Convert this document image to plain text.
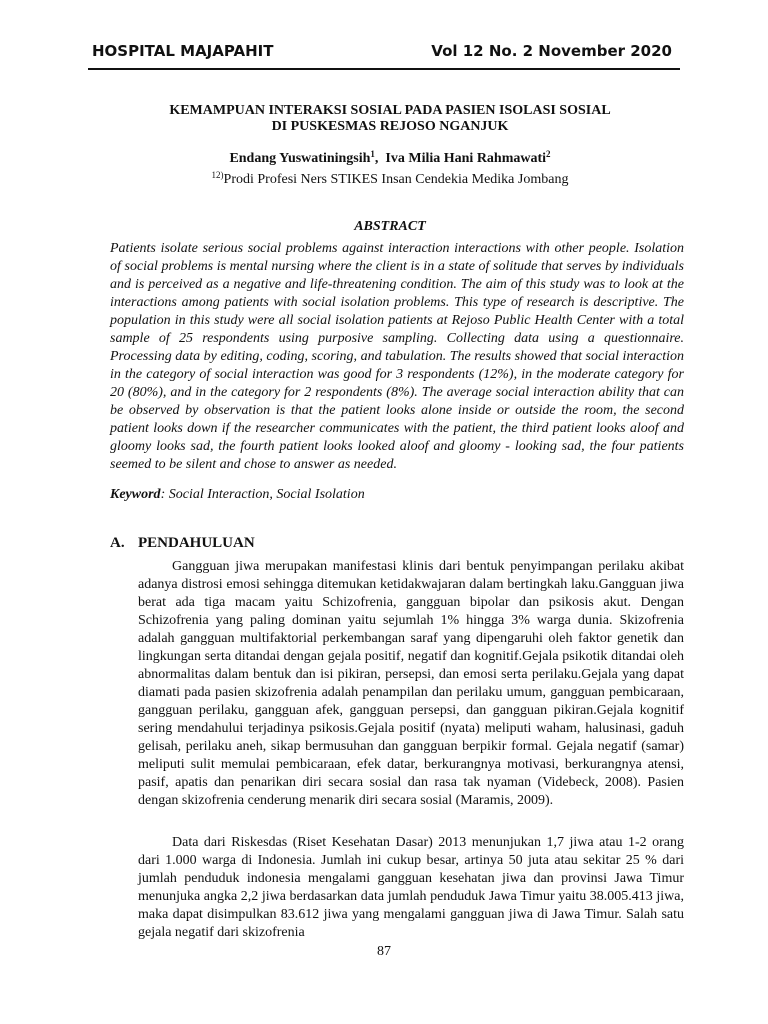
HOSPITAL MAJAPAHIT	Vol 12 No. 2 November 2020
KEMAMPUAN INTERAKSI SOSIAL PADA PASIEN ISOLASI SOSIAL
DI PUSKESMAS REJOSO NGANJUK
Endang Yuswatiningsih$^1$,  Iva Milia Hani Rahmawati$^2$
$^{12)}$Prodi Profesi Ners STIKES Insan Cendekia Medika Jombang
ABSTRACT

Patients isolate serious social problems against interaction interactions with other people. Isolation of social problems is mental nursing where the client is in a state of solitude that serves by individuals and is perceived as a negative and life-threatening condition. The aim of this study was to look at the interactions among patients with social isolation problems. This type of research is descriptive. The population in this study were all social isolation patients at Rejoso Public Health Center with a total sample of 25 respondents using purposive sampling. Collecting data using a questionnaire. Processing data by editing, coding, scoring, and tabulation. The results showed that social interaction in the category of social interaction was good for 3 respondents (12%), in the moderate category for 20 (80%), and in the category for 2 respondents (8%). The average social interaction ability that can be observed by observation is that the patient looks alone inside or outside the room, the second patient looks down if the researcher communicates with the patient, the third patient looks aloof and gloomy looks sad, the fourth patient looks looked aloof and gloomy - looking sad, the four patients seemed to be silent and chose to answer as needed.

Keyword: Social Interaction, Social Isolation
A. PENDAHULUAN

Gangguan jiwa merupakan manifestasi klinis dari bentuk penyimpangan perilaku akibat adanya distrosi emosi sehingga ditemukan ketidakwajaran dalam bertingkah laku.Gangguan jiwa berat ada tiga macam yaitu Schizofrenia, gangguan bipolar dan psikosis akut. Dengan Schizofrenia yang paling dominan yaitu sejumlah 1% hingga 3% warga dunia. Skizofrenia adalah gangguan multifaktorial perkembangan saraf yang dipengaruhi oleh faktor genetik dan lingkungan serta ditandai dengan gejala positif, negatif dan kognitif.Gejala psikotik ditandai oleh abnormalitas dalam bentuk dan isi pikiran, persepsi, dan emosi serta perilaku.Gejala yang dapat diamati pada pasien skizofrenia adalah penampilan dan perilaku umum, gangguan pembicaraan, gangguan perilaku, gangguan afek, gangguan persepsi, dan gangguan pikiran.Gejala kognitif sering mendahului terjadinya psikosis.Gejala positif (nyata) meliputi waham, halusinasi, gaduh gelisah, perilaku aneh, sikap bermusuhan dan gangguan berpikir formal. Gejala negatif (samar) meliputi sulit memulai pembicaraan, efek datar, berkurangnya motivasi, berkurangnya atensi, pasif, apatis dan penarikan diri secara sosial dan rasa tak nyaman (Videbeck, 2008). Pasien dengan skizofrenia cenderung menarik diri secara sosial (Maramis, 2009).

Data dari Riskesdas (Riset Kesehatan Dasar) 2013 menunjukan 1,7 jiwa atau 1-2 orang dari 1.000 warga di Indonesia. Jumlah ini cukup besar, artinya 50 juta atau sekitar 25 % dari jumlah penduduk indonesia mengalami gangguan kesehatan jiwa dan provinsi Jawa Timur menunjuka angka 2,2 jiwa berdasarkan data jumlah penduduk Jawa Timur yaitu 38.005.413 jiwa, maka dapat disimpulkan 83.612 jiwa yang mengalami gangguan jiwa di Jawa Timur. Salah satu gejala negatif dari skizofrenia

87
